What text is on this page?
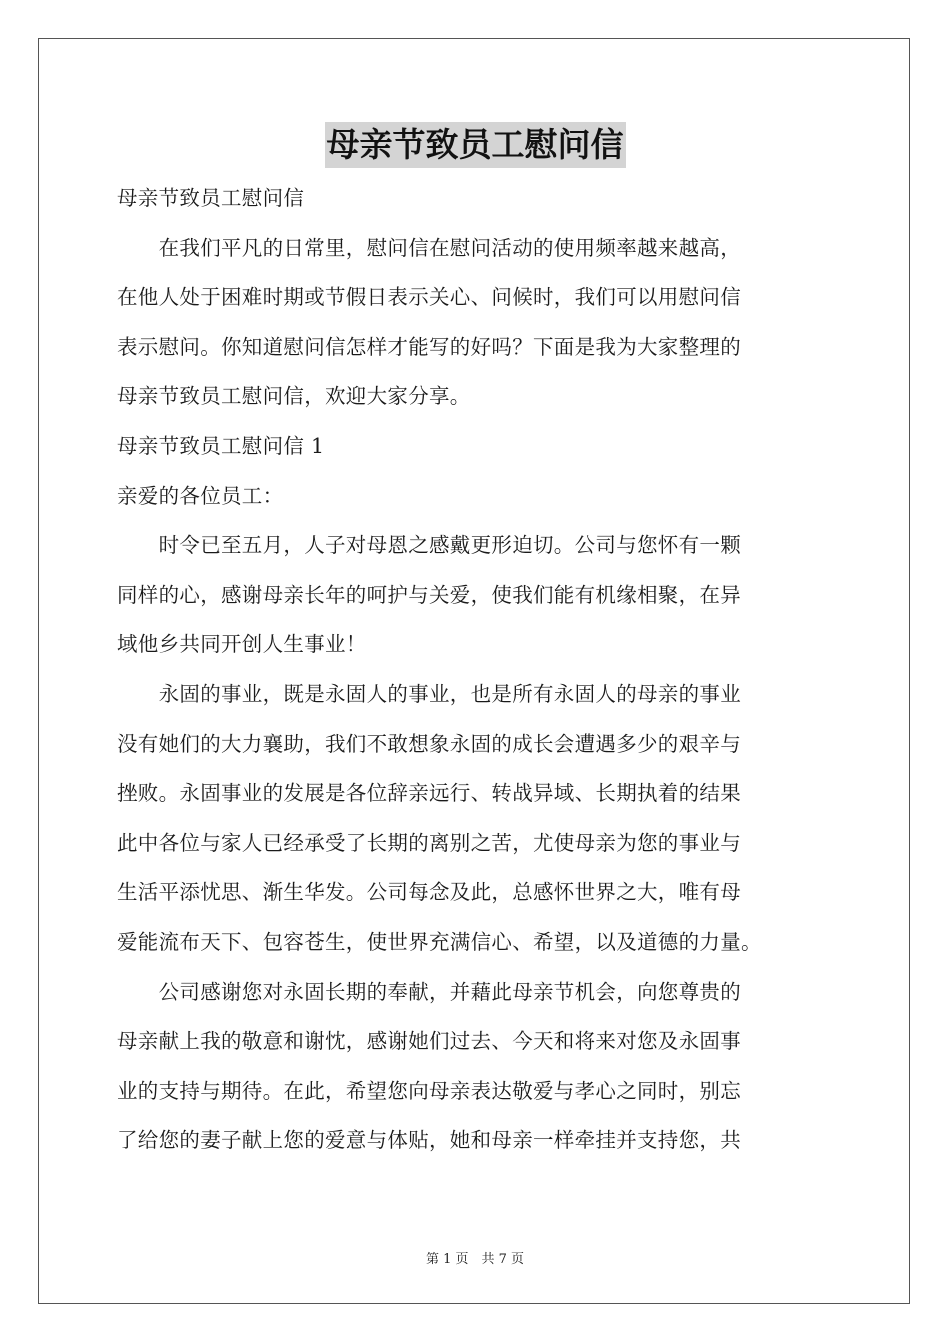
母亲节致员工慰问信

母亲节致员工慰问信

　　在我们平凡的日常里，慰问信在慰问活动的使用频率越来越高，

在他人处于困难时期或节假日表示关心、问候时，我们可以用慰问信

表示慰问。你知道慰问信怎样才能写的好吗？下面是我为大家整理的

母亲节致员工慰问信，欢迎大家分享。

母亲节致员工慰问信 1

亲爱的各位员工：

　　时令已至五月，人子对母恩之感戴更形迫切。公司与您怀有一颗

同样的心，感谢母亲长年的呵护与关爱，使我们能有机缘相聚，在异

域他乡共同开创人生事业！

　　永固的事业，既是永固人的事业，也是所有永固人的母亲的事业

没有她们的大力襄助，我们不敢想象永固的成长会遭遇多少的艰辛与

挫败。永固事业的发展是各位辞亲远行、转战异域、长期执着的结果

此中各位与家人已经承受了长期的离别之苦，尤使母亲为您的事业与

生活平添忧思、渐生华发。公司每念及此，总感怀世界之大，唯有母

爱能流布天下、包容苍生，使世界充满信心、希望，以及道德的力量。

　　公司感谢您对永固长期的奉献，并藉此母亲节机会，向您尊贵的

母亲献上我的敬意和谢忱，感谢她们过去、今天和将来对您及永固事

业的支持与期待。在此，希望您向母亲表达敬爱与孝心之同时，别忘

了给您的妻子献上您的爱意与体贴，她和母亲一样牵挂并支持您，共

第 1 页　共 7 页
